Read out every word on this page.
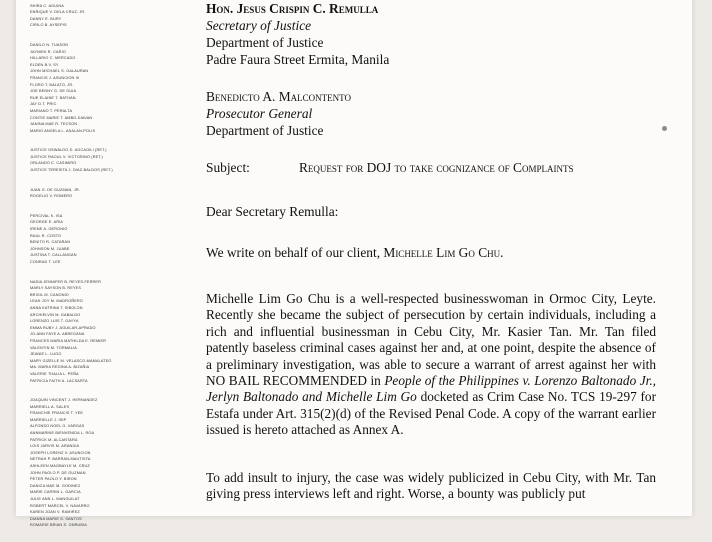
SHIRA C. AGUINA
ENRIQUE V. DELA CRUZ, JR.
DANNY E. BURY
CIRILO B. AYSEPIS
DANILO N. TUASON
JAYNIEK R. CARIO
HILLARIO C. MERCADO
ELDEN B.V. SY
JOHN MICHAEL S. GALAURAN
FRANCIS J. ASUNCION III
FLORO T. BALATO, JR.
JOE BENNY G. DE GUIA
RUE ELAINE T. BATHAN
JAY D.T. PRIC
MARIANO T. PERALTA
CONTIE MARIE T. AMBO-DIAVAN
JANINA MAE R. TECSON
MARIO ANGELA L. ASALAN-POLIS
JUSTICE OSWALDO D. AGCAOILI (RET.)
JUSTICE RAOUL V. VICTORINO (RET.)
ORLANDO C. CASIMIRO
JUSTICE TERESITA J. DIAZ-BALDOS (RET.)
JUAN G. DE GUZMAN, JR.
ROGELIO V. ROMERO
PERCIVAL K. ISA
GEORGE E. ARIA
IRENE A. GERONIO
RAUL R. COSTO
BENITO R. CATARAN
JOHNSON M. JUABE
JUSTINA T. CALLANGAN
CONRAD T. LEE
NADIA JENNIFER B. REYES-FERRER
MARLY SAYSON B. REYES
BRIGIL M. CANONIO
LEAH JOY M. MADROÑERO
ANNA KATRINA T. SIBOLON
ARCHIELVIN M. GABALDO
LORENZO LUIS T. GAYYA
EMMA RUBY J. AGUILAR-APRADO
JO-ANN FAYE A. ABREGANA
FRANCES MARIA MATHILDA E. REMIER
VALENTIN M. TORMALIA
JEANIE L. LUGO
MARY GIZELLE M. VELASCO-MAMALATEO
MA. MARIA REGINA A. BIZAÑIA
VALERIE THALIA L. PEÑA
PATRICIA FAITH A. LACSARTA
JOAQUIN VINCENT J. HERNANDEZ
MARRIELL A. SALES
FRANCHIE FRANCIS T. YEE
MARRIELLE J. ISIP
ALFONSO NOEL G. VARGAS
ANNMARINE BIENVENIDA L. ROA
PATRICK M. ALCANTARA
LOIS JARVIS M. ARANDIA
JOSEPH LORENZ V. ASUNCION
NETRAH P. BARRAN-MAUTISTA
ASHLEEN MAGBAYLE M. CRUZ
JOHN PAOLO P. DE GUZMAN
PETER PAOLO Y. BIRON
DANICA MAE M. GODINEZ
MARIE CARRIN L. GARCIA
JULIE ANN L. MANGUILAT
ROBERT MARCEL V. NAVARRO
KAREN JOAN V. RAMIREZ
DIANNA MARIE S. SANTOS
ROMARIE BRIAN S. ONRUBIA

Hon. Jesus Crispin C. Remulla

Secretary of Justice

Department of Justice

Padre Faura Street Ermita, Manila

Benedicto A. Malcontento

Prosecutor General

Department of Justice

Subject:	Request for DOJ to take cognizance of Complaints

Dear Secretary Remulla:

We write on behalf of our client, Michelle Lim Go Chu.

Michelle Lim Go Chu is a well-respected businesswoman in Ormoc City, Leyte. Recently she became the subject of persecution by certain individuals, including a rich and influential businessman in Cebu City, Mr. Kasier Tan. Mr. Tan filed patently baseless criminal cases against her and, at one point, despite the absence of a preliminary investigation, was able to secure a warrant of arrest against her with NO BAIL RECOMMENDED in People of the Philippines v. Lorenzo Baltonado Jr., Jerlyn Baltonado and Michelle Lim Go docketed as Crim Case No. TCS 19-297 for Estafa under Art. 315(2)(d) of the Revised Penal Code. A copy of the warrant earlier issued is hereto attached as Annex A.

To add insult to injury, the case was widely publicized in Cebu City, with Mr. Tan giving press interviews left and right. Worse, a bounty was publicly put
